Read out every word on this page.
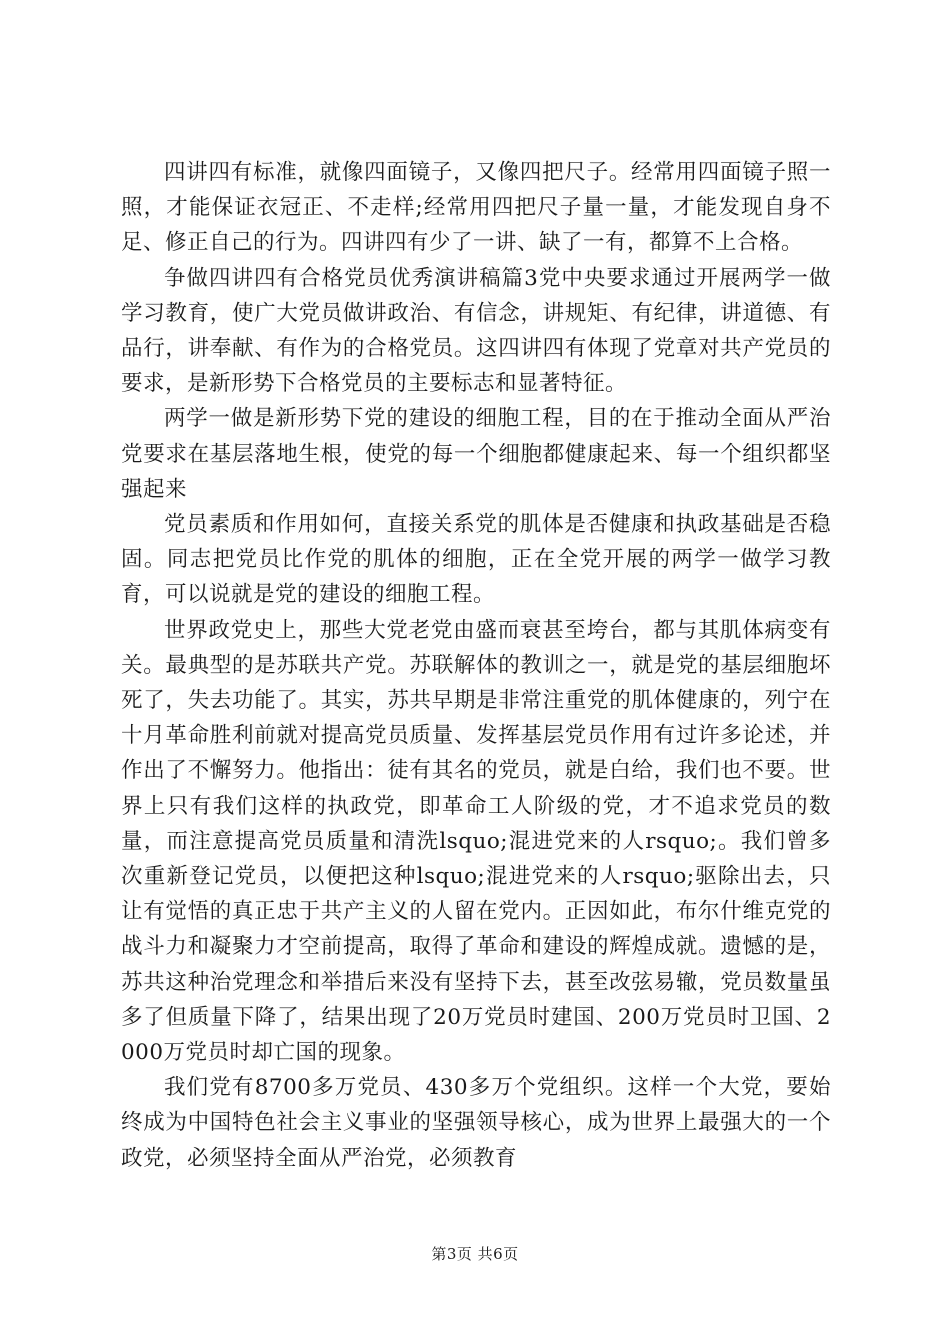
四讲四有标准，就像四面镜子，又像四把尺子。经常用四面镜子照一照，才能保证衣冠正、不走样;经常用四把尺子量一量，才能发现自身不足、修正自己的行为。四讲四有少了一讲、缺了一有，都算不上合格。

争做四讲四有合格党员优秀演讲稿篇3党中央要求通过开展两学一做学习教育，使广大党员做讲政治、有信念，讲规矩、有纪律，讲道德、有品行，讲奉献、有作为的合格党员。这四讲四有体现了党章对共产党员的要求，是新形势下合格党员的主要标志和显著特征。

两学一做是新形势下党的建设的细胞工程，目的在于推动全面从严治党要求在基层落地生根，使党的每一个细胞都健康起来、每一个组织都坚强起来

党员素质和作用如何，直接关系党的肌体是否健康和执政基础是否稳固。同志把党员比作党的肌体的细胞，正在全党开展的两学一做学习教育，可以说就是党的建设的细胞工程。

世界政党史上，那些大党老党由盛而衰甚至垮台，都与其肌体病变有关。最典型的是苏联共产党。苏联解体的教训之一，就是党的基层细胞坏死了，失去功能了。其实，苏共早期是非常注重党的肌体健康的，列宁在十月革命胜利前就对提高党员质量、发挥基层党员作用有过许多论述，并作出了不懈努力。他指出：徒有其名的党员，就是白给，我们也不要。世界上只有我们这样的执政党，即革命工人阶级的党，才不追求党员的数量，而注意提高党员质量和清洗lsquo;混进党来的人rsquo;。我们曾多次重新登记党员，以便把这种lsquo;混进党来的人rsquo;驱除出去，只让有觉悟的真正忠于共产主义的人留在党内。正因如此，布尔什维克党的战斗力和凝聚力才空前提高，取得了革命和建设的辉煌成就。遗憾的是，苏共这种治党理念和举措后来没有坚持下去，甚至改弦易辙，党员数量虽多了但质量下降了，结果出现了20万党员时建国、200万党员时卫国、2000万党员时却亡国的现象。

我们党有8700多万党员、430多万个党组织。这样一个大党，要始终成为中国特色社会主义事业的坚强领导核心，成为世界上最强大的一个政党，必须坚持全面从严治党，必须教育

第3页 共6页
